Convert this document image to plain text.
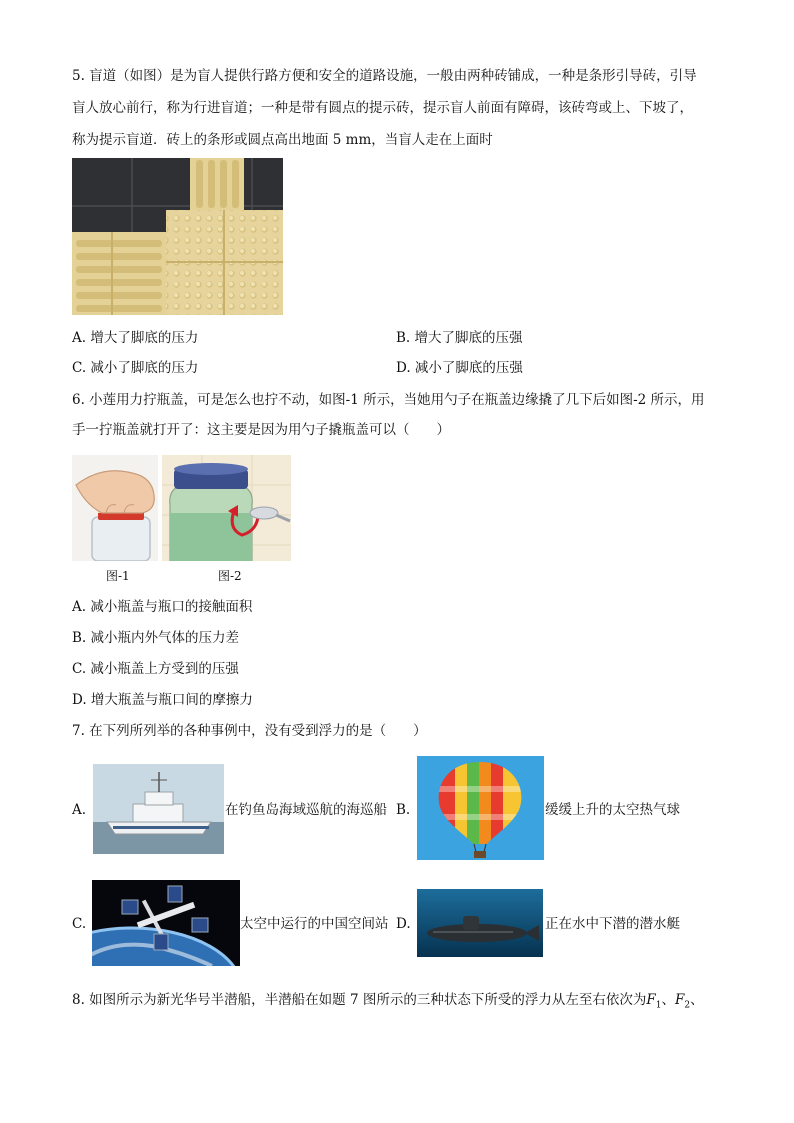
5. 盲道（如图）是为盲人提供行路方便和安全的道路设施，一般由两种砖铺成，一种是条形引导砖，引导
盲人放心前行，称为行进盲道；一种是带有圆点的提示砖，提示盲人前面有障碍，该砖弯或上、下坡了，
称为提示盲道．砖上的条形或圆点高出地面 5 mm，当盲人走在上面时
A. 增大了脚底的压力	B. 增大了脚底的压强
C. 减小了脚底的压力	D. 减小了脚底的压强
6. 小莲用力拧瓶盖，可是怎么也拧不动，如图-1 所示，当她用勺子在瓶盖边缘撬了几下后如图-2 所示，用
手一拧瓶盖就打开了：这主要是因为用勺子撬瓶盖可以（　　）
图-1	图-2
A. 减小瓶盖与瓶口的接触面积
B. 减小瓶内外气体的压力差
C. 减小瓶盖上方受到的压强
D. 增大瓶盖与瓶口间的摩擦力
7. 在下列所列举的各种事例中，没有受到浮力的是（　　）
A.	在钓鱼岛海域巡航的海巡船 B.	缓缓上升的太空热气球
C.	太空中运行的中国空间站 D.	正在水中下潜的潜水艇
8. 如图所示为新光华号半潜船，半潜船在如题 7 图所示的三种状态下所受的浮力从左至右依次为$F_1$、$F_2$、
